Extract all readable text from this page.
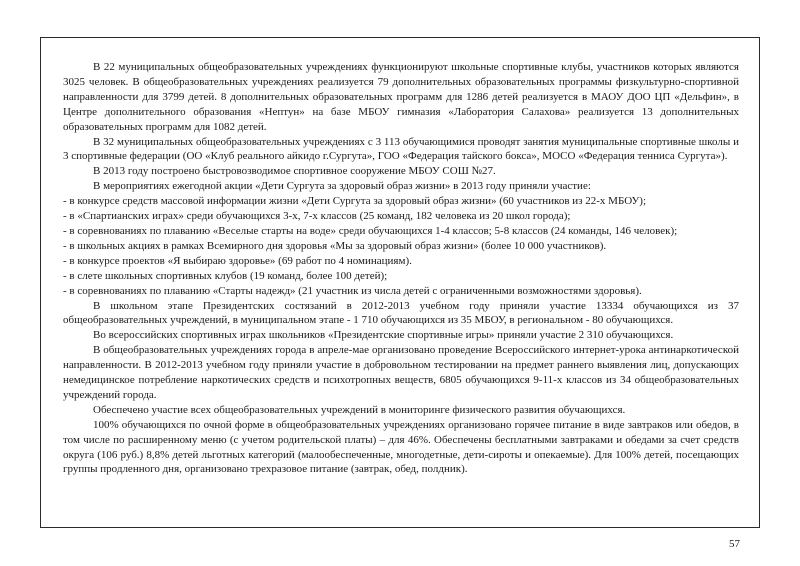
В 22 муниципальных общеобразовательных учреждениях функционируют школьные спортивные клубы, участников которых являются 3025 человек. В общеобразовательных учреждениях реализуется 79 дополнительных образовательных программы физкультурно-спортивной направленности для 3799 детей. 8 дополнительных образовательных программ для 1286 детей реализуется в МАОУ ДОО ЦП «Дельфин», в Центре дополнительного образования «Нептун» на базе МБОУ гимназия «Лаборатория Салахова» реализуется 13 дополнительных образовательных программ для 1082 детей.

В 32 муниципальных общеобразовательных учреждениях с 3 113 обучающимися проводят занятия муниципальные спортивные школы и 3 спортивные федерации (ОО «Клуб реального айкидо г.Сургута», ГОО «Федерация тайского бокса», МОСО «Федерация тенниса Сургута»).

В 2013 году построено быстровозводимое спортивное сооружение МБОУ СОШ №27.

В мероприятиях ежегодной акции «Дети Сургута за здоровый образ жизни» в 2013 году приняли участие:

- в конкурсе средств массовой информации жизни «Дети Сургута за здоровый образ жизни» (60 участников из 22-х МБОУ);

- в «Спартианских играх» среди обучающихся 3-х, 7-х классов (25 команд, 182 человека из 20 школ города);

- в соревнованиях по плаванию «Веселые старты на воде» среди обучающихся 1-4 классов; 5-8 классов (24 команды, 146 человек);

- в школьных акциях в рамках Всемирного дня здоровья «Мы за здоровый образ жизни» (более 10 000 участников).

- в конкурсе проектов «Я выбираю здоровье» (69 работ по 4 номинациям).

- в слете школьных спортивных клубов (19 команд, более 100 детей);

- в соревнованиях по плаванию «Старты надежд» (21 участник из числа детей с ограниченными возможностями здоровья).

В школьном этапе Президентских состязаний в 2012-2013 учебном году приняли участие 13334 обучающихся из 37 общеобразовательных учреждений, в муниципальном этапе - 1 710 обучающихся из 35 МБОУ, в региональном - 80 обучающихся.

Во всероссийских спортивных играх школьников «Президентские спортивные игры» приняли участие 2 310 обучающихся.

В общеобразовательных учреждениях города в апреле-мае организовано проведение Всероссийского интернет-урока антинаркотической направленности. В 2012-2013 учебном году приняли участие в добровольном тестировании на предмет раннего выявления лиц, допускающих немедицинское потребление наркотических средств и психотропных веществ, 6805 обучающихся 9-11-х классов из 34 общеобразовательных учреждений города.

Обеспечено участие всех общеобразовательных учреждений в мониторинге физического развития обучающихся.

100% обучающихся по очной форме в общеобразовательных учреждениях организовано горячее питание в виде завтраков или обедов, в том числе по расширенному меню (с учетом родительской платы) – для 46%. Обеспечены бесплатными завтраками и обедами за счет средств округа (106 руб.) 8,8% детей льготных категорий (малообеспеченные, многодетные, дети-сироты и опекаемые). Для 100% детей, посещающих группы продленного дня, организовано трехразовое питание (завтрак, обед, полдник).

57
